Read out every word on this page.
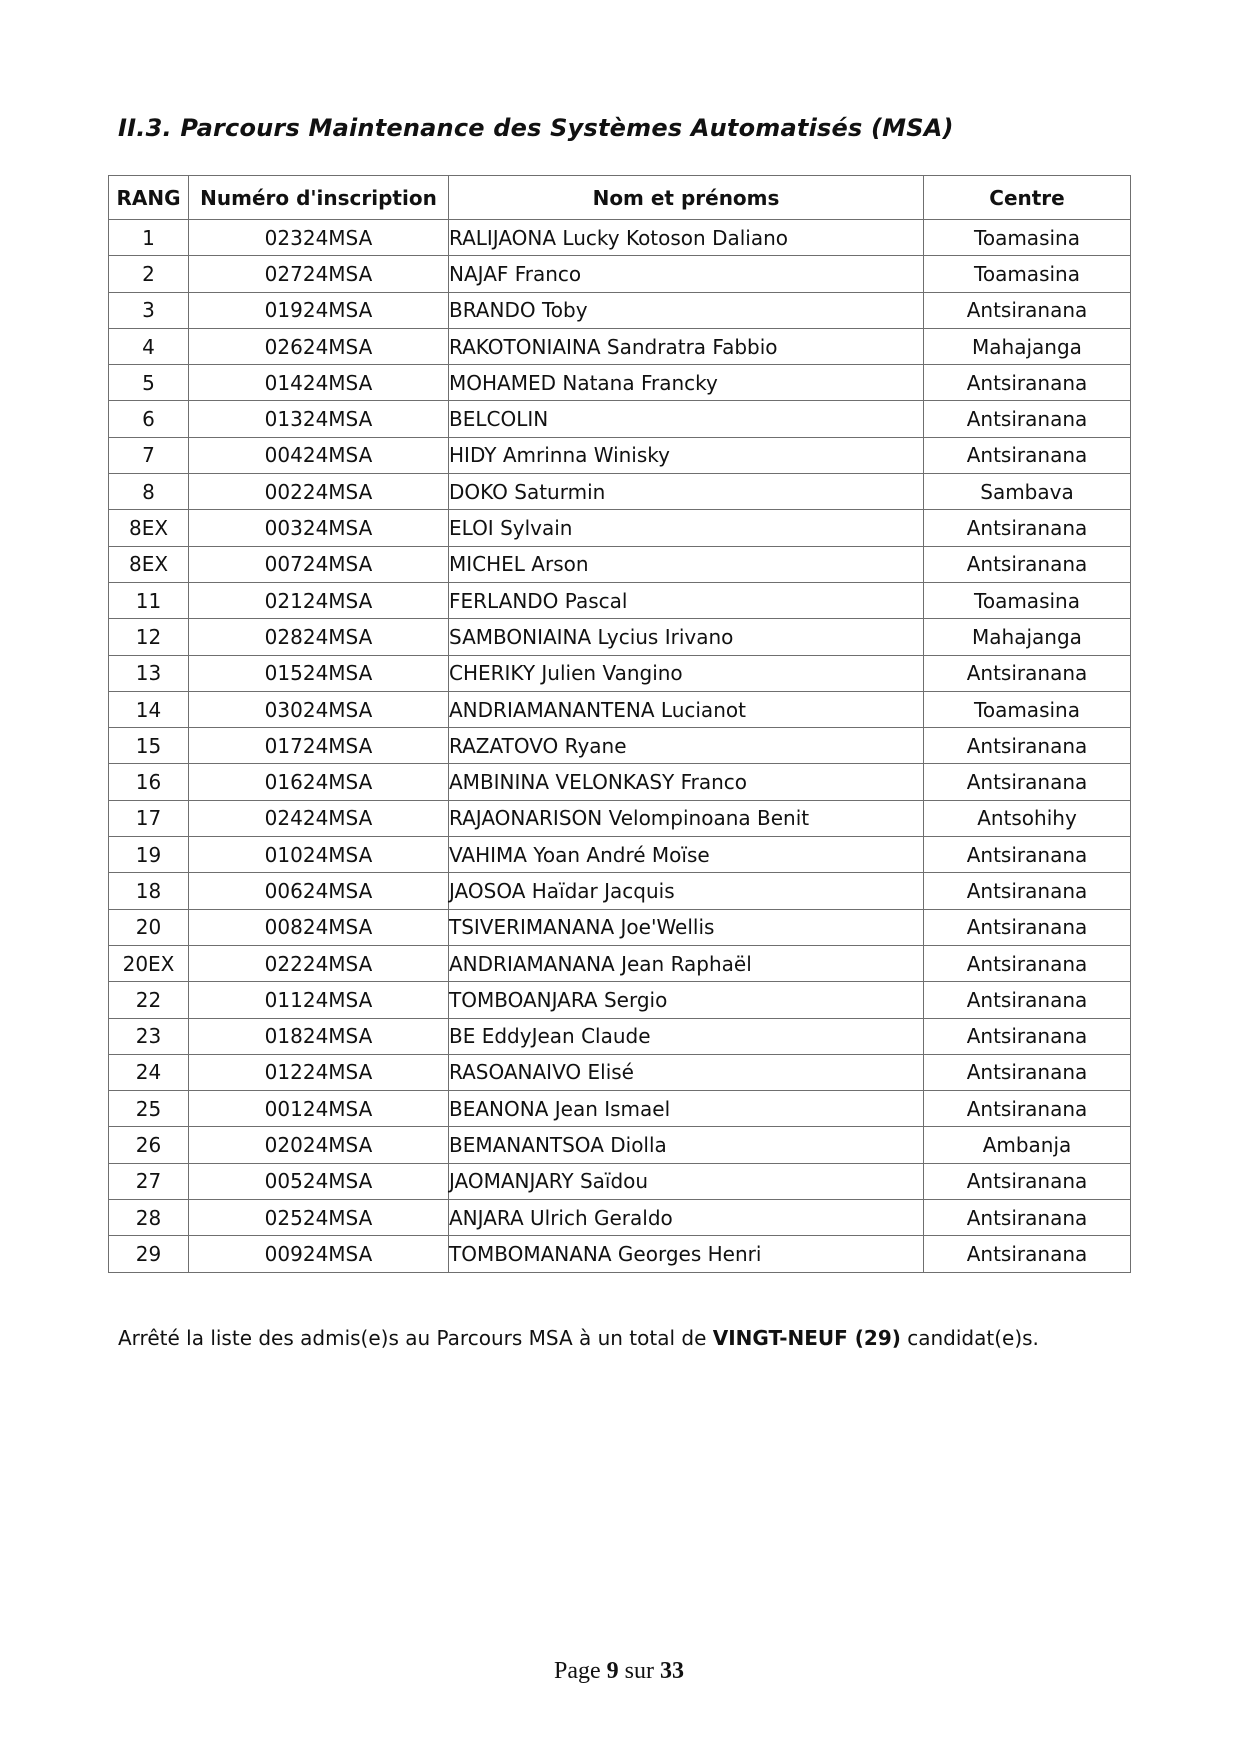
II.3. Parcours Maintenance des Systèmes Automatisés (MSA)
RANG	Numéro d'inscription	Nom et prénoms	Centre
1	02324MSA	RALIJAONA Lucky Kotoson Daliano	Toamasina
2	02724MSA	NAJAF Franco	Toamasina
3	01924MSA	BRANDO Toby	Antsiranana
4	02624MSA	RAKOTONIAINA Sandratra Fabbio	Mahajanga
5	01424MSA	MOHAMED Natana Francky	Antsiranana
6	01324MSA	BELCOLIN	Antsiranana
7	00424MSA	HIDY Amrinna Winisky	Antsiranana
8	00224MSA	DOKO Saturmin	Sambava
8EX	00324MSA	ELOI Sylvain	Antsiranana
8EX	00724MSA	MICHEL Arson	Antsiranana
11	02124MSA	FERLANDO Pascal	Toamasina
12	02824MSA	SAMBONIAINA Lycius Irivano	Mahajanga
13	01524MSA	CHERIKY Julien Vangino	Antsiranana
14	03024MSA	ANDRIAMANANTENA Lucianot	Toamasina
15	01724MSA	RAZATOVO Ryane	Antsiranana
16	01624MSA	AMBININA VELONKASY Franco	Antsiranana
17	02424MSA	RAJAONARISON Velompinoana Benit	Antsohihy
19	01024MSA	VAHIMA Yoan André Moïse	Antsiranana
18	00624MSA	JAOSOA Haïdar Jacquis	Antsiranana
20	00824MSA	TSIVERIMANANA Joe'Wellis	Antsiranana
20EX	02224MSA	ANDRIAMANANA Jean Raphaël	Antsiranana
22	01124MSA	TOMBOANJARA Sergio	Antsiranana
23	01824MSA	BE EddyJean Claude	Antsiranana
24	01224MSA	RASOANAIVO Elisé	Antsiranana
25	00124MSA	BEANONA Jean Ismael	Antsiranana
26	02024MSA	BEMANANTSOA Diolla	Ambanja
27	00524MSA	JAOMANJARY Saïdou	Antsiranana
28	02524MSA	ANJARA Ulrich Geraldo	Antsiranana
29	00924MSA	TOMBOMANANA Georges Henri	Antsiranana
Arrêté la liste des admis(e)s au Parcours MSA à un total de VINGT-NEUF (29) candidat(e)s.
Page 9 sur 33
